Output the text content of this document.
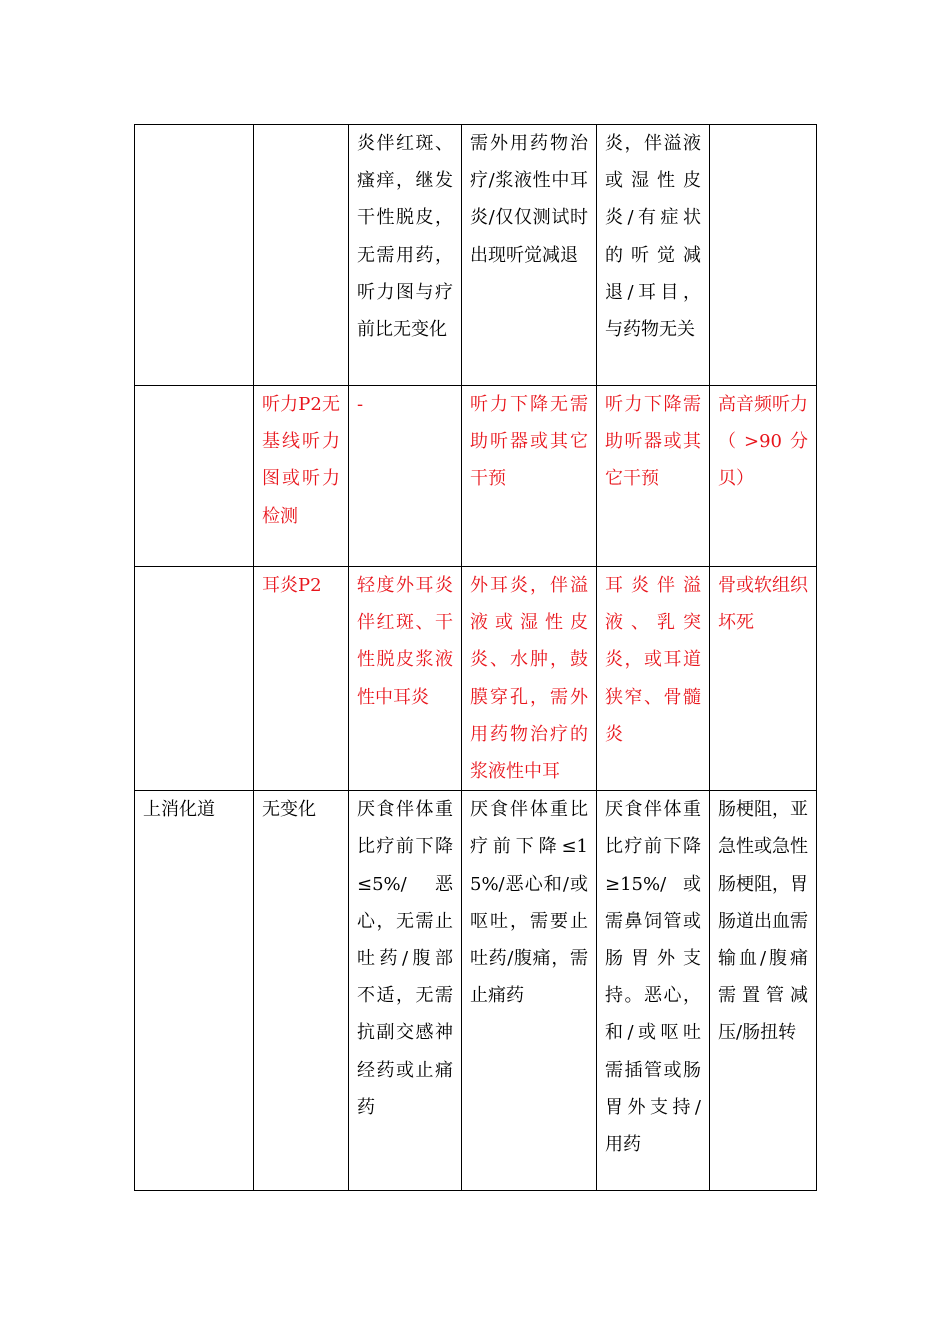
		炎伴红斑、瘙痒，继发干性脱皮，无需用药，听力图与疗前比无变化	需外用药物治疗/浆液性中耳炎/仅仅测试时出现听觉减退	炎，伴溢液或湿性皮炎/有症状的听觉减退/耳目，与药物无关	
	听力P2无基线听力图或听力检测	-	听力下降无需助听器或其它干预	听力下降需助听器或其它干预	高音频听力（>90分贝）
	耳炎P2	轻度外耳炎伴红斑、干性脱皮浆液性中耳炎	外耳炎，伴溢液或湿性皮炎、水肿，鼓膜穿孔，需外用药物治疗的浆液性中耳	耳炎伴溢液、乳突炎，或耳道狭窄、骨髓炎	骨或软组织坏死
上消化道	无变化	厌食伴体重比疗前下降≤5%/恶心，无需止吐药/腹部不适，无需抗副交感神经药或止痛药	厌食伴体重比疗前下降≤15%/恶心和/或呕吐，需要止吐药/腹痛，需止痛药	厌食伴体重比疗前下降≥15%/或需鼻饲管或肠胃外支持。恶心，和/或呕吐需插管或肠胃外支持/用药	肠梗阻，亚急性或急性肠梗阻，胃肠道出血需输血/腹痛需置管减压/肠扭转
